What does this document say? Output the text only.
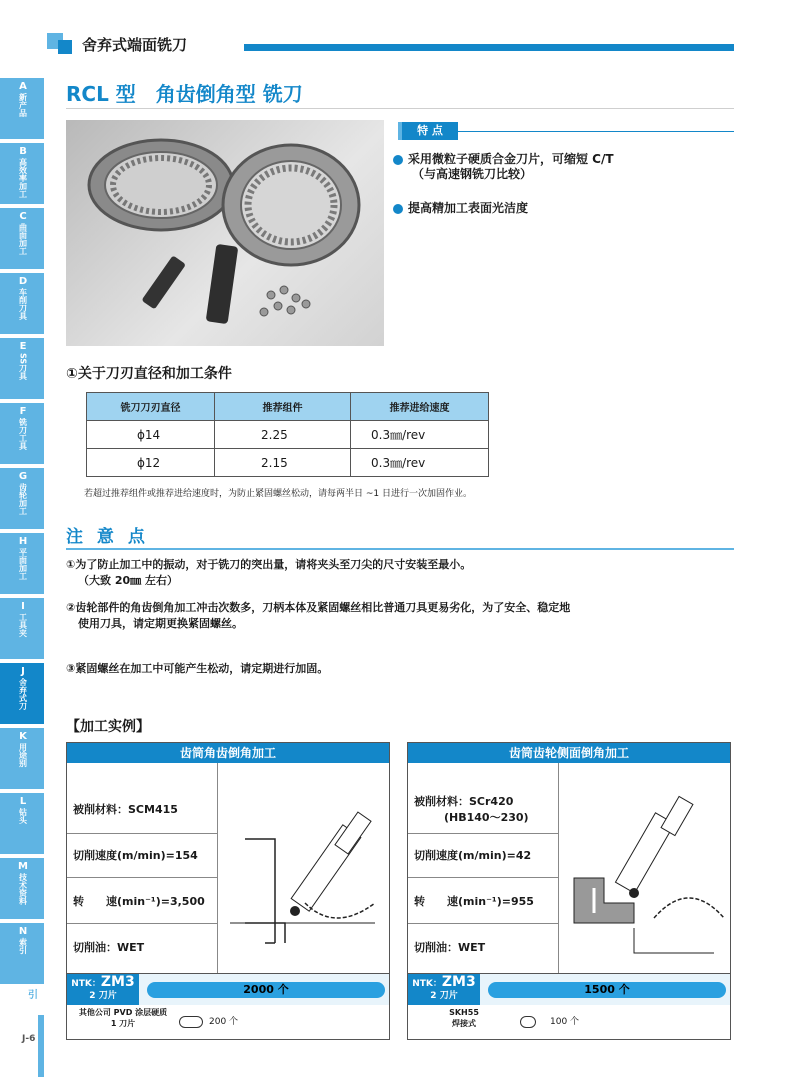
舍弃式端面铣刀
RCL 型　角齿倒角型 铣刀
A
新产品
B
高效率加工
C
曲面加工
D
车削刀具
E
SS刀具
F
铣刀工具
G
齿轮加工
H
平面加工
I
工具夹
J
舍弃式刀
K
用途别
L
钻头
M
技术资料
N
索引
引
特 点
采用微粒子硬质合金刀片，可缩短 C/T
（与高速钢铣刀比较）
提高精加工表面光洁度
①关于刀刃直径和加工条件
铣刀刀刃直径	推荐组件	推荐进给速度
ϕ14	2.25	0.3㎜/rev
ϕ12	2.15	0.3㎜/rev
若超过推荐组件或推荐进给速度时，为防止紧固螺丝松动，请每两半日 ~1 日进行一次加固作业。
注 意 点
①为了防止加工中的振动，对于铣刀的突出量，请将夹头至刀尖的尺寸安装至最小。
（大致 20㎜ 左右）
②齿轮部件的角齿倒角加工冲击次数多，刀柄本体及紧固螺丝相比普通刀具更易劣化，为了安全、稳定地
使用刀具，请定期更换紧固螺丝。
③紧固螺丝在加工中可能产生松动，请定期进行加固。
【加工实例】
齿筒角齿倒角加工
被削材料：SCM415
切削速度(m/min)=154
转　　速(min⁻¹)=3,500
切削油：WET
NTK：ZM3
2 刀片	2000 个
其他公司 PVD 涂层硬质
1 刀片	200 个
齿筒齿轮侧面倒角加工
被削材料：SCr420
(HB140～230)
切削速度(m/min)=42
转　　速(min⁻¹)=955
切削油：WET
NTK：ZM3
2 刀片	1500 个
SKH55
焊接式	100 个
J-6
